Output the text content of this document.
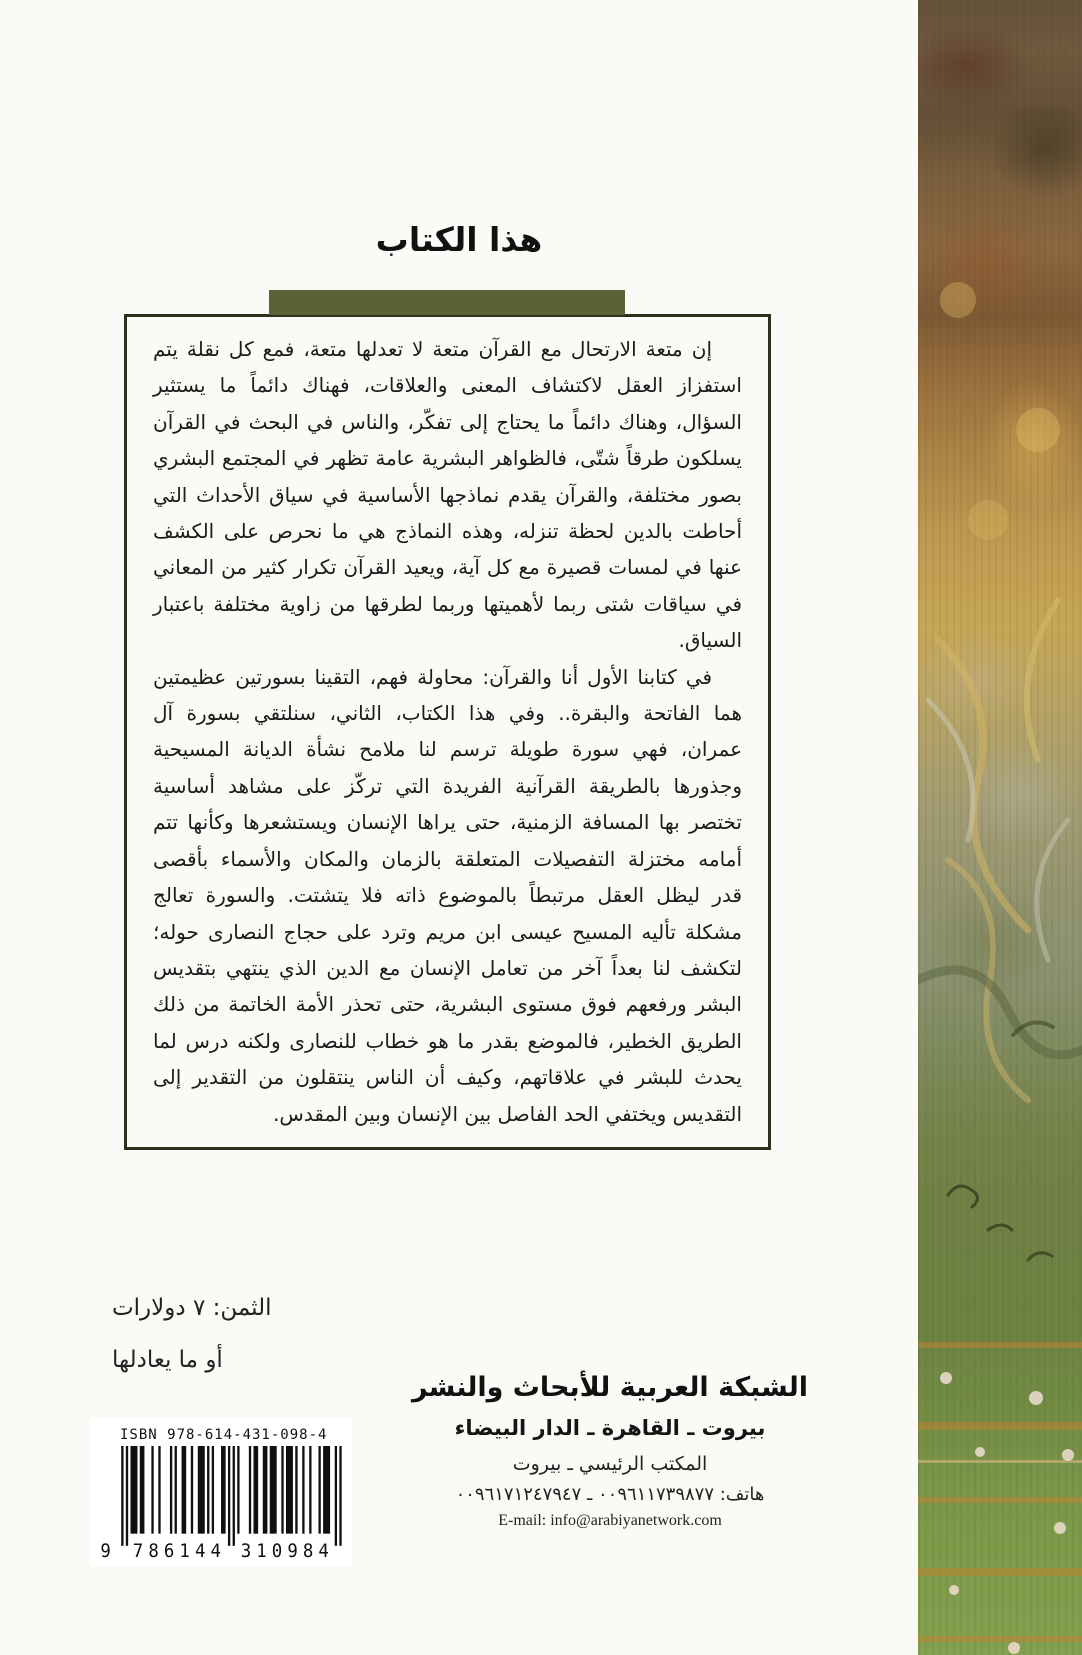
هذا الكتاب
إن متعة الارتحال مع القرآن متعة لا تعدلها متعة، فمع كل نقلة يتم
استفزاز العقل لاكتشاف المعنى والعلاقات، فهناك دائماً ما يستثير
السؤال، وهناك دائماً ما يحتاج إلى تفكّر، والناس في البحث في القرآن
يسلكون طرقاً شتّى، فالظواهر البشرية عامة تظهر في المجتمع البشري
بصور مختلفة، والقرآن يقدم نماذجها الأساسية في سياق الأحداث التي
أحاطت بالدين لحظة تنزله، وهذه النماذج هي ما نحرص على الكشف
عنها في لمسات قصيرة مع كل آية، ويعيد القرآن تكرار كثير من المعاني
في سياقات شتى ربما لأهميتها وربما لطرقها من زاوية مختلفة باعتبار
السياق.
في كتابنا الأول أنا والقرآن: محاولة فهم، التقينا بسورتين عظيمتين
هما الفاتحة والبقرة.. وفي هذا الكتاب، الثاني، سنلتقي بسورة آل
عمران، فهي سورة طويلة ترسم لنا ملامح نشأة الديانة المسيحية
وجذورها بالطريقة القرآنية الفريدة التي تركّز على مشاهد أساسية
تختصر بها المسافة الزمنية، حتى يراها الإنسان ويستشعرها وكأنها تتم
أمامه مختزلة التفصيلات المتعلقة بالزمان والمكان والأسماء بأقصى
قدر ليظل العقل مرتبطاً بالموضوع ذاته فلا يتشتت. والسورة تعالج
مشكلة تأليه المسيح عيسى ابن مريم وترد على حجاج النصارى حوله؛
لتكشف لنا بعداً آخر من تعامل الإنسان مع الدين الذي ينتهي بتقديس
البشر ورفعهم فوق مستوى البشرية، حتى تحذر الأمة الخاتمة من ذلك
الطريق الخطير، فالموضع بقدر ما هو خطاب للنصارى ولكنه درس لما
يحدث للبشر في علاقاتهم، وكيف أن الناس ينتقلون من التقدير إلى
التقديس ويختفي الحد الفاصل بين الإنسان وبين المقدس.
الثمن: ٧ دولارات
أو ما يعادلها
الشبكة العربية للأبحاث والنشر
بيروت ـ القاهرة ـ الدار البيضاء
المكتب الرئيسي ـ بيروت
هاتف: ٠٠٩٦١١٧٣٩٨٧٧ ـ ٠٠٩٦١٧١٢٤٧٩٤٧
E-mail: info@arabiyanetwork.com
ISBN 978-614-431-098-4
9	786144	310984
